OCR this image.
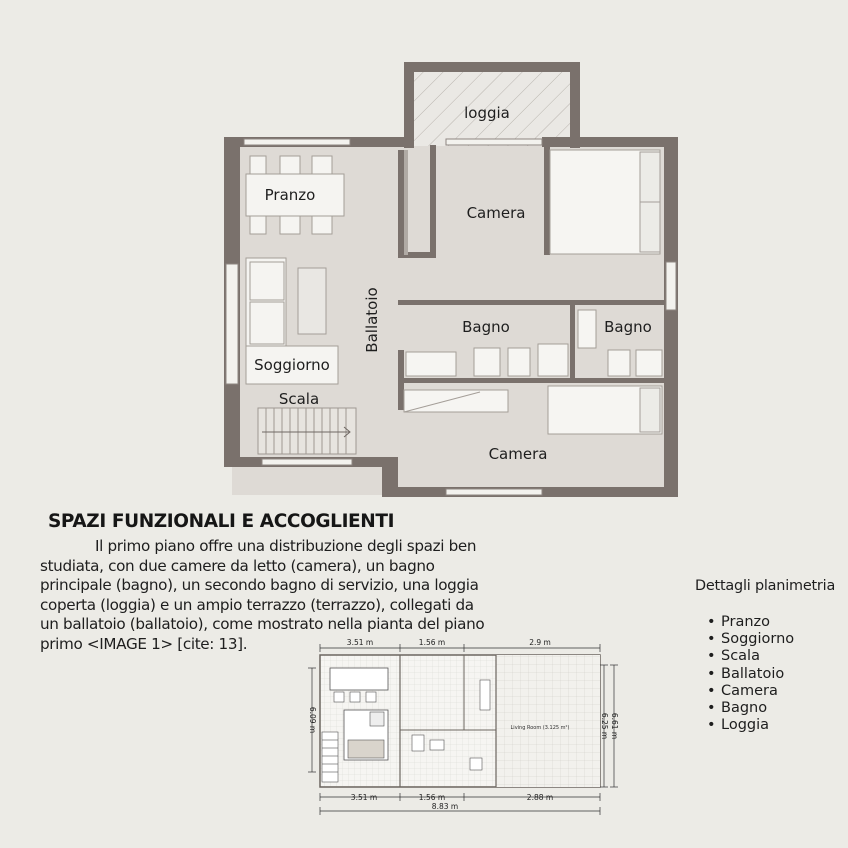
loggia
Camera
Pranzo
Ballatoio	Bagno	Bagno
Soggiorno
Scala
Camera
Living Room (3.125 m²)
3.51 m	1.56 m	2.9 m
3.51 m	1.56 m	2.88 m
8.83 m
6.09 m	6.25 m 6.61 m
SPAZI FUNZIONALI E ACCOGLIENTI

Il primo piano offre una distribuzione degli spazi ben studiata, con due camere da letto (camera), un bagno principale (bagno), un secondo bagno di servizio, una loggia coperta (loggia) e un ampio terrazzo (terrazzo), collegati da un ballatoio (ballatoio), come mostrato nella pianta del piano primo <IMAGE 1> [cite: 13].

Dettagli planimetria
• Pranzo
• Soggiorno
• Scala
• Ballatoio
• Camera
• Bagno
• Loggia
